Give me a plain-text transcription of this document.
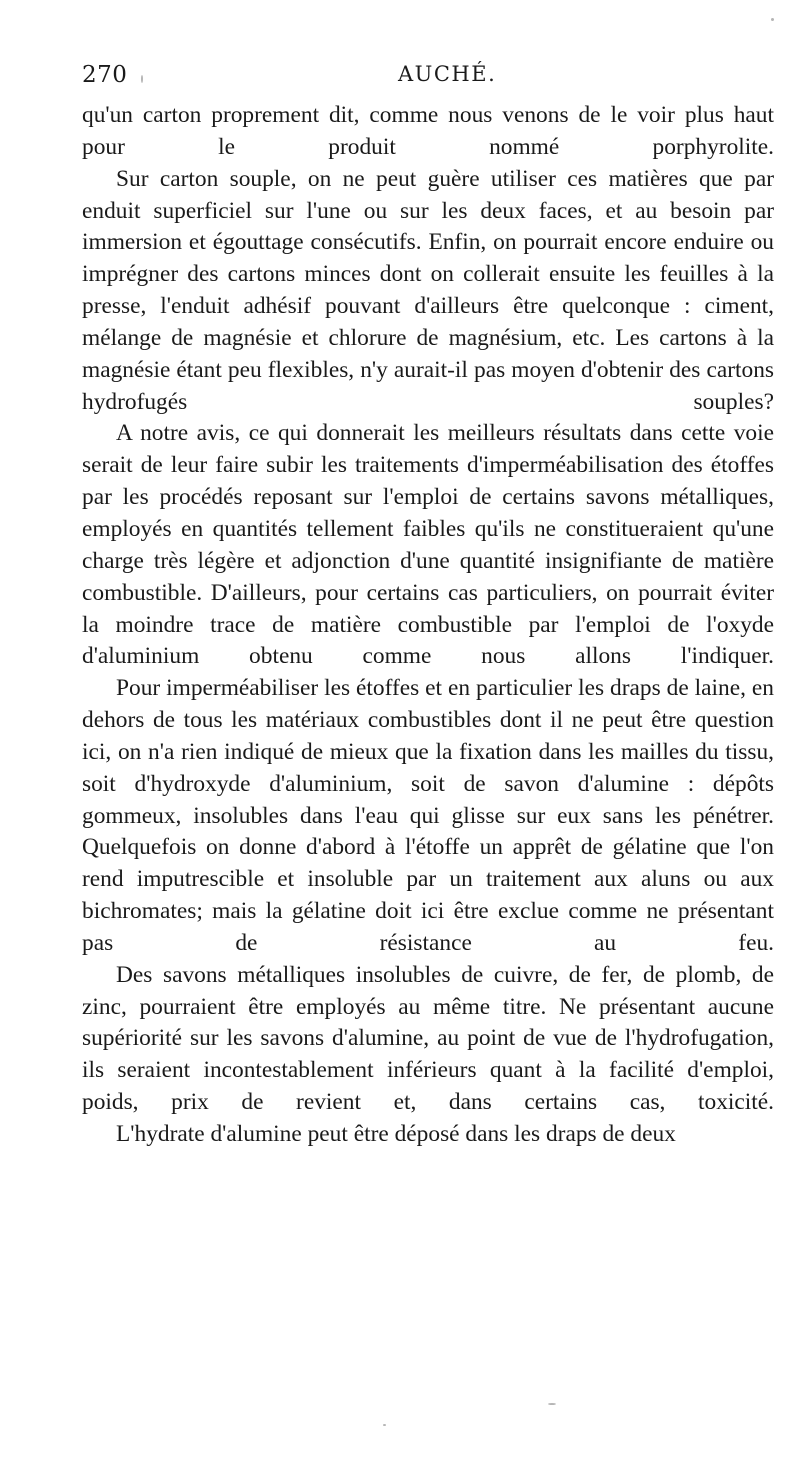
270	AUCHÉ.

qu'un carton proprement dit, comme nous venons de le voir plus haut pour le produit nommé porphyrolite.

Sur carton souple, on ne peut guère utiliser ces matières que par enduit superficiel sur l'une ou sur les deux faces, et au besoin par immersion et égouttage consécutifs. Enfin, on pourrait encore enduire ou imprégner des cartons minces dont on collerait ensuite les feuilles à la presse, l'enduit adhésif pouvant d'ailleurs être quelconque : ciment, mélange de magnésie et chlorure de magnésium, etc. Les cartons à la magnésie étant peu flexibles, n'y aurait-il pas moyen d'obtenir des cartons hydrofugés souples?

A notre avis, ce qui donnerait les meilleurs résultats dans cette voie serait de leur faire subir les traitements d'imperméabilisation des étoffes par les procédés reposant sur l'emploi de certains savons métalliques, employés en quantités tellement faibles qu'ils ne constitueraient qu'une charge très légère et adjonction d'une quantité insignifiante de matière combustible. D'ailleurs, pour certains cas particuliers, on pourrait éviter la moindre trace de matière combustible par l'emploi de l'oxyde d'aluminium obtenu comme nous allons l'indiquer.

Pour imperméabiliser les étoffes et en particulier les draps de laine, en dehors de tous les matériaux combustibles dont il ne peut être question ici, on n'a rien indiqué de mieux que la fixation dans les mailles du tissu, soit d'hydroxyde d'aluminium, soit de savon d'alumine : dépôts gommeux, insolubles dans l'eau qui glisse sur eux sans les pénétrer. Quelquefois on donne d'abord à l'étoffe un apprêt de gélatine que l'on rend imputrescible et insoluble par un traitement aux aluns ou aux bichromates; mais la gélatine doit ici être exclue comme ne présentant pas de résistance au feu.

Des savons métalliques insolubles de cuivre, de fer, de plomb, de zinc, pourraient être employés au même titre. Ne présentant aucune supériorité sur les savons d'alumine, au point de vue de l'hydrofugation, ils seraient incontestablement inférieurs quant à la facilité d'emploi, poids, prix de revient et, dans certains cas, toxicité.

L'hydrate d'alumine peut être déposé dans les draps de deux
